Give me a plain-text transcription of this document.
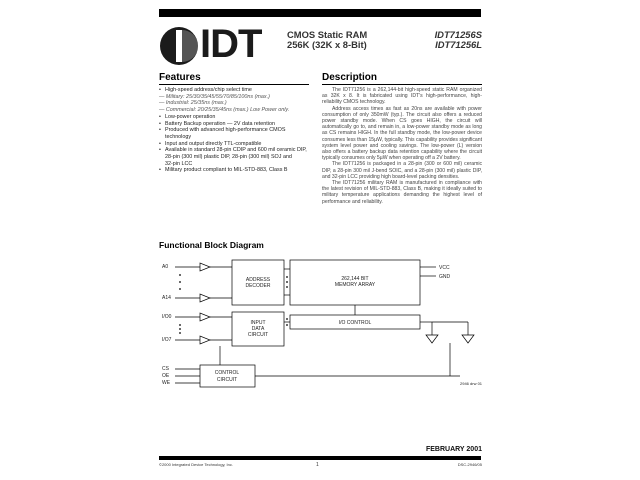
IDT	CMOS Static RAM
256K (32K x 8-Bit)
IDT71256S
IDT71256L
Features
• High-speed address/chip select time
— Military: 25/30/35/45/55/70/85/100ns (max.)
— Industrial: 25/35ns (max.)
— Commercial: 20/25/35/45ns (max.) Low Power only.
• Low-power operation
• Battery Backup operation — 2V data retention
• Produced with advanced high-performance CMOS
technology
• Input and output directly TTL-compatible
• Available in standard 28-pin CDIP and 600 mil ceramic DIP,
28-pin (300 mil) plastic DIP, 28-pin (300 mil) SOJ and
32-pin LCC
• Military product compliant to MIL-STD-883, Class B
Description

The IDT71256 is a 262,144-bit high-speed static RAM organized as 32K x 8. It is fabricated using IDT's high-performance, high-reliability CMOS technology.

Address access times as fast as 20ns are available with power consumption of only 350mW (typ.). The circuit also offers a reduced power standby mode. When CS goes HIGH, the circuit will automatically go to, and remain in, a low-power standby mode as long as CS remains HIGH. In the full standby mode, the low-power device consumes less than 15µW, typically. This capability provides significant system level power and cooling savings. The low-power (L) version also offers a battery backup data retention capability where the circuit typically consumes only 5µW when operating off a 2V battery.

The IDT71256 is packaged in a 28-pin (300 or 600 mil) ceramic DIP, a 28-pin 300 mil J-bend SOIC, and a 28-pin (300 mil) plastic DIP, and 32-pin LCC providing high board-level packing densities.

The IDT71256 military RAM is manufactured in compliance with the latest revision of MIL-STD-883, Class B, making it ideally suited to military temperature applications demanding the highest level of performance and reliability.

Functional Block Diagram
A0
A14
I/O0
I/O7
ADDRESS
DECODER
262,144 BIT
MEMORY ARRAY
VCC
GND
INPUT
DATA
CIRCUIT
I/O CONTROL
CS
OE
WE
CONTROL
CIRCUIT
2946 drw 01
FEBRUARY 2001
©2000 Integrated Device Technology, Inc.	1	DSC-2946/05
